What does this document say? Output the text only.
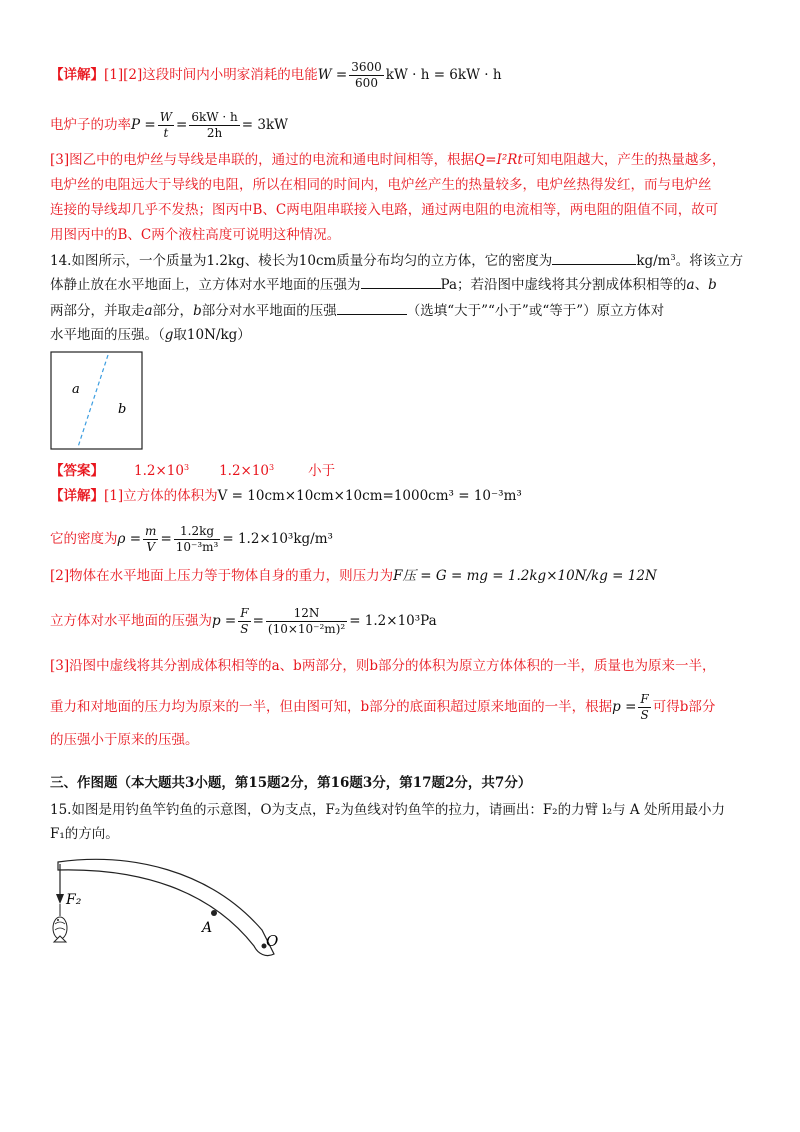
【详解】[1][2]这段时间内小明家消耗的电能$W = \frac{3600}{600}$ kW · h = 6kW · h
电炉子的功率$P = \frac{W}{t} = \frac{6kW \cdot h}{2h} = 3kW$
[3]图乙中的电炉丝与导线是串联的，通过的电流和通电时间相等，根据Q=I²Rt可知电阻越大，产生的热量越多，
电炉丝的电阻远大于导线的电阻，所以在相同的时间内，电炉丝产生的热量较多，电炉丝热得发红，而与电炉丝
连接的导线却几乎不发热；图丙中B、C两电阻串联接入电路，通过两电阻的电流相等，两电阻的阻值不同，故可
用图丙中的B、C两个液柱高度可说明这种情况。
14.如图所示，一个质量为1.2kg、棱长为10cm质量分布均匀的立方体，它的密度为	$kg/m^3$。将该立方
体静止放在水平地面上，立方体对水平地面的压强为	Pa；若沿图中虚线将其分割成体积相等的a、b
两部分，并取走a部分，b部分对水平地面的压强	（选填“大于”“小于”或“等于”）原立方体对
水平地面的压强。（g取10N/kg）
a
b
【答案】 $1.2\times 10^3$ $1.2\times 10^3$	小于
【详解】[1]立方体的体积为V = 10cm×10cm×10cm=1000cm³ = 10⁻³m³
它的密度为$\rho = \frac{m}{V} = \frac{1.2kg}{\text{10⁻³m³}} = 1.2\times 10^3kg/m^3$
[2]物体在水平地面上压力等于物体自身的重力，则压力为F压 = G = mg = 1.2kg×10N/kg = 12N
立方体对水平地面的压强为$p = \frac{F}{S} = \frac{12N}{\text{(10×10⁻²m)²}} = 1.2\times 10^3Pa$
[3]沿图中虚线将其分割成体积相等的a、b两部分，则b部分的体积为原立方体体积的一半，质量也为原来一半，
重力和对地面的压力均为原来的一半，但由图可知，b部分的底面积超过原来地面的一半，根据$p = \frac{F}{S}$ 可得b部分
的压强小于原来的压强。
三、作图题（本大题共3小题，第15题2分，第16题3分，第17题2分，共7分）
15.如图是用钓鱼竿钓鱼的示意图，O为支点，F₂为鱼线对钓鱼竿的拉力，请画出：F₂的力臂 l₂与 A 处所用最小力
F₁的方向。
F₂
A
O
